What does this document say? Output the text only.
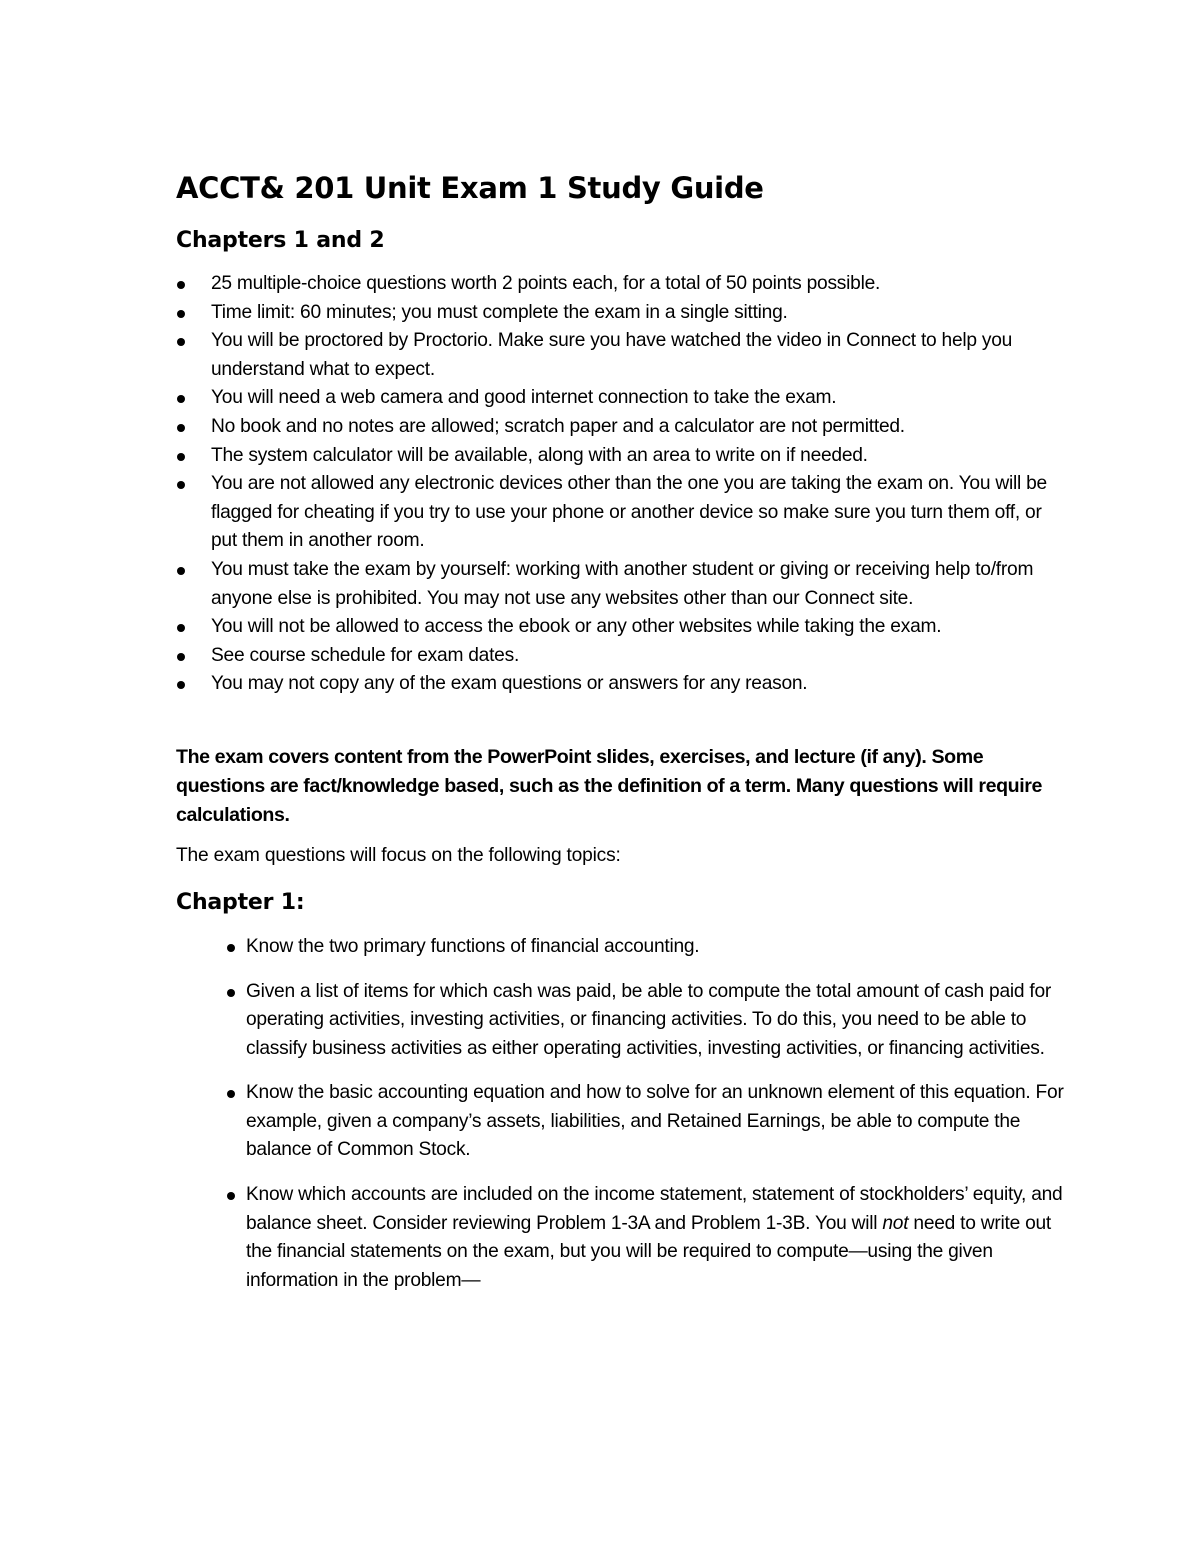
ACCT& 201 Unit Exam 1 Study Guide
Chapters 1 and 2
25 multiple-choice questions worth 2 points each, for a total of 50 points possible.
Time limit: 60 minutes; you must complete the exam in a single sitting.
You will be proctored by Proctorio. Make sure you have watched the video in Connect to help you understand what to expect.
You will need a web camera and good internet connection to take the exam.
No book and no notes are allowed; scratch paper and a calculator are not permitted.
The system calculator will be available, along with an area to write on if needed.
You are not allowed any electronic devices other than the one you are taking the exam on. You will be flagged for cheating if you try to use your phone or another device so make sure you turn them off, or put them in another room.
You must take the exam by yourself: working with another student or giving or receiving help to/from anyone else is prohibited. You may not use any websites other than our Connect site.
You will not be allowed to access the ebook or any other websites while taking the exam.
See course schedule for exam dates.
You may not copy any of the exam questions or answers for any reason.

The exam covers content from the PowerPoint slides, exercises, and lecture (if any). Some questions are fact/knowledge based, such as the definition of a term. Many questions will require calculations.

The exam questions will focus on the following topics:

Chapter 1:
Know the two primary functions of financial accounting.
Given a list of items for which cash was paid, be able to compute the total amount of cash paid for operating activities, investing activities, or financing activities. To do this, you need to be able to classify business activities as either operating activities, investing activities, or financing activities.
Know the basic accounting equation and how to solve for an unknown element of this equation. For example, given a company’s assets, liabilities, and Retained Earnings, be able to compute the balance of Common Stock.
Know which accounts are included on the income statement, statement of stockholders’ equity, and balance sheet. Consider reviewing Problem 1-3A and Problem 1-3B. You will not need to write out the financial statements on the exam, but you will be required to compute—using the given information in the problem—
